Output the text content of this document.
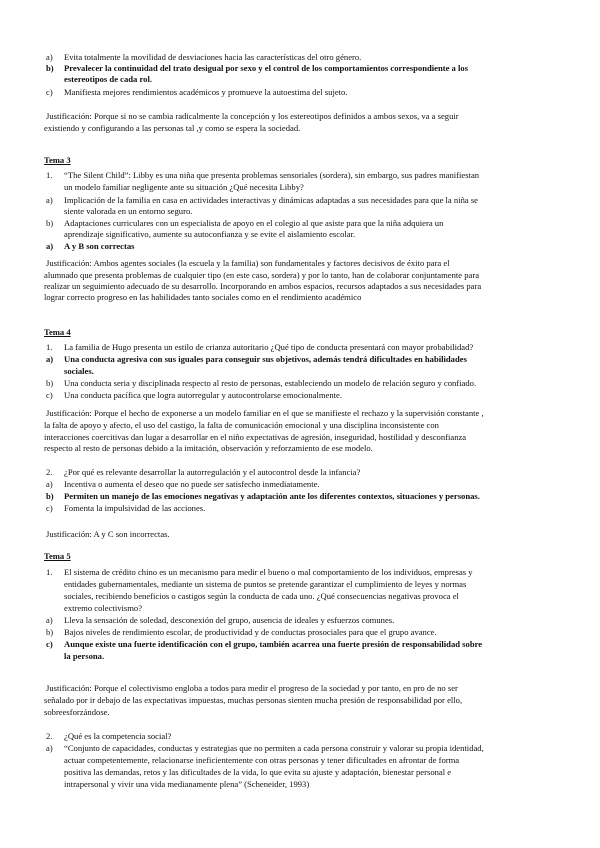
a) Evita totalmente la movilidad de desviaciones hacia las características del otro género.
b) Prevalecer la continuidad del trato desigual por sexo y el control de los comportamientos correspondiente a los
estereotipos de cada rol.
c) Manifiesta mejores rendimientos académicos y promueve la autoestima del sujeto.
Justificación: Porque si no se cambia radicalmente la concepción y los estereotipos definidos a ambos sexos, va a seguir
existiendo y configurando a las personas tal ,y como se espera la sociedad.
Tema 3
1. “The Silent Child”: Libby es una niña que presenta problemas sensoriales (sordera), sin embargo, sus padres manifiestan
un modelo familiar negligente ante su situación ¿Qué necesita Libby?
a) Implicación de la familia en casa en actividades interactivas y dinámicas adaptadas a sus necesidades para que la niña se
siente valorada en un entorno seguro.
b) Adaptaciones curriculares con un especialista de apoyo en el colegio al que asiste para que la niña adquiera un
aprendizaje significativo, aumente su autoconfianza y se evite el aislamiento escolar.
a) A y B son correctas
Justificación: Ambos agentes sociales (la escuela y la familia) son fundamentales y factores decisivos de éxito para el
alumnado que presenta problemas de cualquier tipo (en este caso, sordera) y por lo tanto, han de colaborar conjuntamente para
realizar un seguimiento adecuado de su desarrollo. Incorporando en ambos espacios, recursos adaptados a sus necesidades para
lograr correcto progreso en las habilidades tanto sociales como en el rendimiento académico
Tema 4
1. La familia de Hugo presenta un estilo de crianza autoritario ¿Qué tipo de conducta presentará con mayor probabilidad?
a) Una conducta agresiva con sus iguales para conseguir sus objetivos, además tendrá dificultades en habilidades
sociales.
b) Una conducta seria y disciplinada respecto al resto de personas, estableciendo un modelo de relación seguro y confiado.
c) Una conducta pacífica que logra autorregular y autocontrolarse emocionalmente.
Justificación: Porque el hecho de exponerse a un modelo familiar en el que se manifieste el rechazo y la supervisión constante ,
la falta de apoyo y afecto, el uso del castigo, la falta de comunicación emocional y una disciplina inconsistente con
interacciones coercitivas dan lugar a desarrollar en el niño expectativas de agresión, inseguridad, hostilidad y desconfianza
respecto al resto de personas debido a la imitación, observación y reforzamiento de ese modelo.
2. ¿Por qué es relevante desarrollar la autorregulación y el autocontrol desde la infancia?
a) Incentiva o aumenta el deseo que no puede ser satisfecho inmediatamente.
b) Permiten un manejo de las emociones negativas y adaptación ante los diferentes contextos, situaciones y personas.
c) Fomenta la impulsividad de las acciones.
Justificación: A y C son incorrectas.
Tema 5
1. El sistema de crédito chino es un mecanismo para medir el bueno o mal comportamiento de los individuos, empresas y
entidades gubernamentales, mediante un sistema de puntos se pretende garantizar el cumplimiento de leyes y normas
sociales, recibiendo beneficios o castigos según la conducta de cada uno. ¿Qué consecuencias negativas provoca el
extremo colectivismo?
a) Lleva la sensación de soledad, desconexión del grupo, ausencia de ideales y esfuerzos comunes.
b) Bajos niveles de rendimiento escolar, de productividad y de conductas prosociales para que el grupo avance.
c) Aunque existe una fuerte identificación con el grupo, también acarrea una fuerte presión de responsabilidad sobre
la persona.
Justificación: Porque el colectivismo engloba a todos para medir el progreso de la sociedad y por tanto, en pro de no ser
señalado por ir debajo de las expectativas impuestas, muchas personas sienten mucha presión de responsabilidad por ello,
sobreesforzándose.
2. ¿Qué es la competencia social?
a) “Conjunto de capacidades, conductas y estrategias que no permiten a cada persona construir y valorar su propia identidad,
actuar competentemente, relacionarse ineficientemente con otras personas y tener dificultades en afrontar de forma
positiva las demandas, retos y las dificultades de la vida, lo que evita su ajuste y adaptación, bienestar personal e
intrapersonal y vivir una vida medianamente plena” (Scheneider, 1993)
